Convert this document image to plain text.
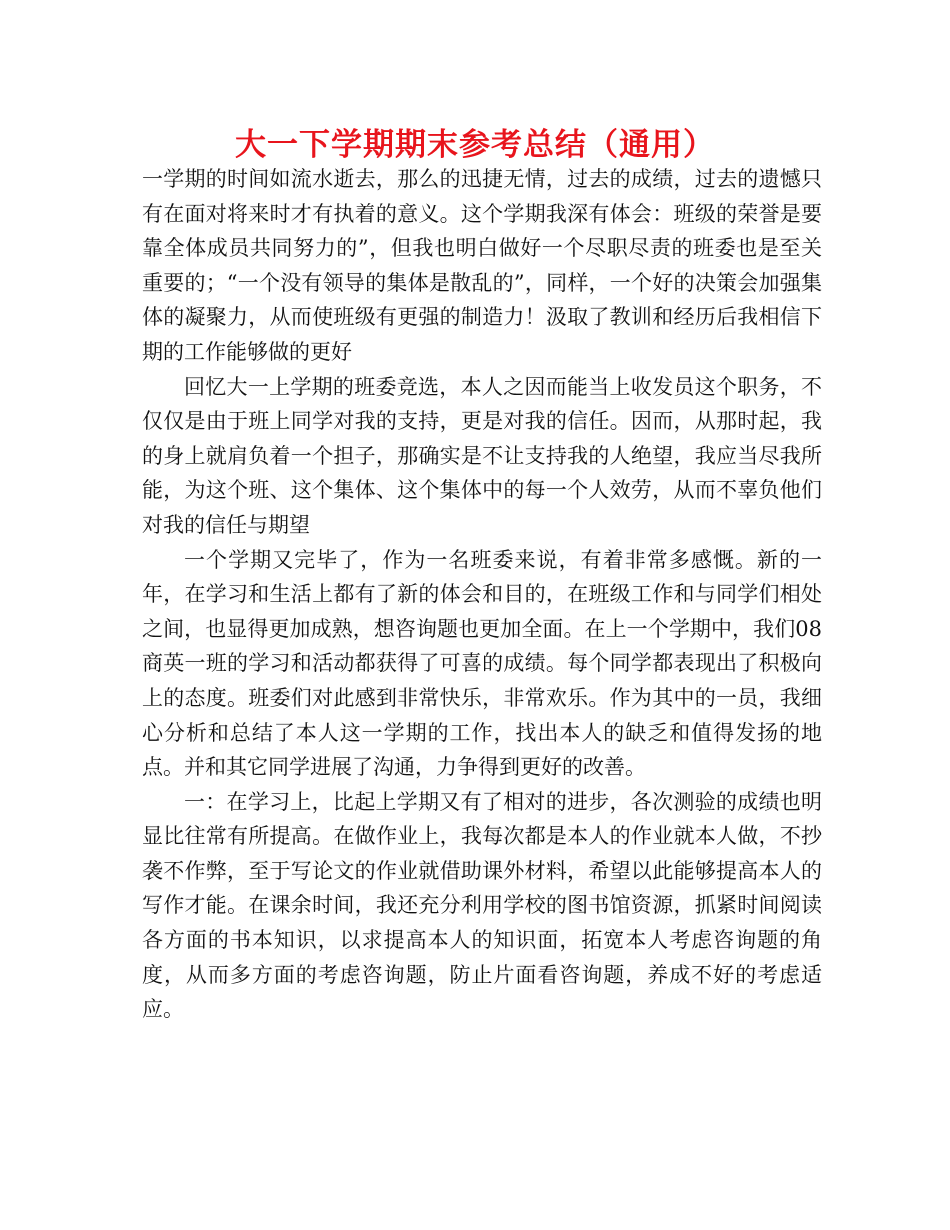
大一下学期期末参考总结（通用）

一学期的时间如流水逝去，那么的迅捷无情，过去的成绩，过去的遗憾只有在面对将来时才有执着的意义。这个学期我深有体会：班级的荣誉是要靠全体成员共同努力的”，但我也明白做好一个尽职尽责的班委也是至关重要的；“一个没有领导的集体是散乱的”，同样，一个好的决策会加强集体的凝聚力，从而使班级有更强的制造力！汲取了教训和经历后我相信下期的工作能够做的更好

回忆大一上学期的班委竞选，本人之因而能当上收发员这个职务，不仅仅是由于班上同学对我的支持，更是对我的信任。因而，从那时起，我的身上就肩负着一个担子，那确实是不让支持我的人绝望，我应当尽我所能，为这个班、这个集体、这个集体中的每一个人效劳，从而不辜负他们对我的信任与期望

一个学期又完毕了，作为一名班委来说，有着非常多感慨。新的一年，在学习和生活上都有了新的体会和目的，在班级工作和与同学们相处之间，也显得更加成熟，想咨询题也更加全面。在上一个学期中，我们08商英一班的学习和活动都获得了可喜的成绩。每个同学都表现出了积极向上的态度。班委们对此感到非常快乐，非常欢乐。作为其中的一员，我细心分析和总结了本人这一学期的工作，找出本人的缺乏和值得发扬的地点。并和其它同学进展了沟通，力争得到更好的改善。

一：在学习上，比起上学期又有了相对的进步，各次测验的成绩也明显比往常有所提高。在做作业上，我每次都是本人的作业就本人做，不抄袭不作弊，至于写论文的作业就借助课外材料，希望以此能够提高本人的写作才能。在课余时间，我还充分利用学校的图书馆资源，抓紧时间阅读各方面的书本知识，以求提高本人的知识面，拓宽本人考虑咨询题的角度，从而多方面的考虑咨询题，防止片面看咨询题，养成不好的考虑适应。
